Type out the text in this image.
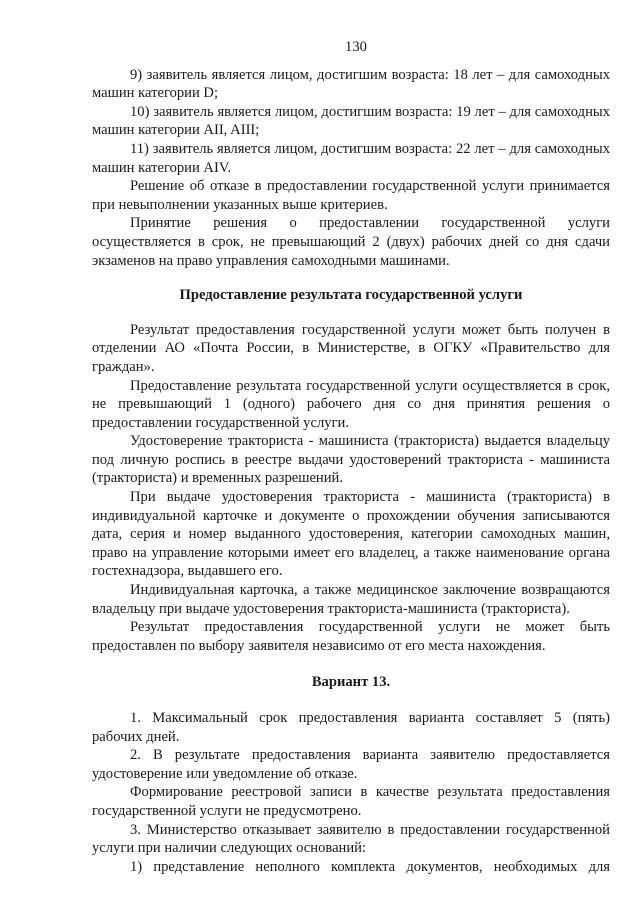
130

9) заявитель является лицом, достигшим возраста: 18 лет – для самоходных машин категории D;

10) заявитель является лицом, достигшим возраста: 19 лет – для самоходных машин категории AII, AIII;

11) заявитель является лицом, достигшим возраста: 22 лет – для самоходных машин категории AIV.

Решение об отказе в предоставлении государственной услуги принимается при невыполнении указанных выше критериев.

Принятие решения о предоставлении государственной услуги осуществляется в срок, не превышающий 2 (двух) рабочих дней со дня сдачи экзаменов на право управления самоходными машинами.

Предоставление результата государственной услуги

Результат предоставления государственной услуги может быть получен в отделении АО «Почта России, в Министерстве, в ОГКУ «Правительство для граждан».

Предоставление результата государственной услуги осуществляется в срок, не превышающий 1 (одного) рабочего дня со дня принятия решения о предоставлении государственной услуги.

Удостоверение тракториста - машиниста (тракториста) выдается владельцу под личную роспись в реестре выдачи удостоверений тракториста - машиниста (тракториста) и временных разрешений.

При выдаче удостоверения тракториста - машиниста (тракториста) в индивидуальной карточке и документе о прохождении обучения записываются дата, серия и номер выданного удостоверения, категории самоходных машин, право на управление которыми имеет его владелец, а также наименование органа гостехнадзора, выдавшего его.

Индивидуальная карточка, а также медицинское заключение возвращаются владельцу при выдаче удостоверения тракториста-машиниста (тракториста).

Результат предоставления государственной услуги не может быть предоставлен по выбору заявителя независимо от его места нахождения.

Вариант 13.

1. Максимальный срок предоставления варианта составляет 5 (пять) рабочих дней.

2. В результате предоставления варианта заявителю предоставляется удостоверение или уведомление об отказе.

Формирование реестровой записи в качестве результата предоставления государственной услуги не предусмотрено.

3. Министерство отказывает заявителю в предоставлении государственной услуги при наличии следующих оснований:

1) представление неполного комплекта документов, необходимых для
